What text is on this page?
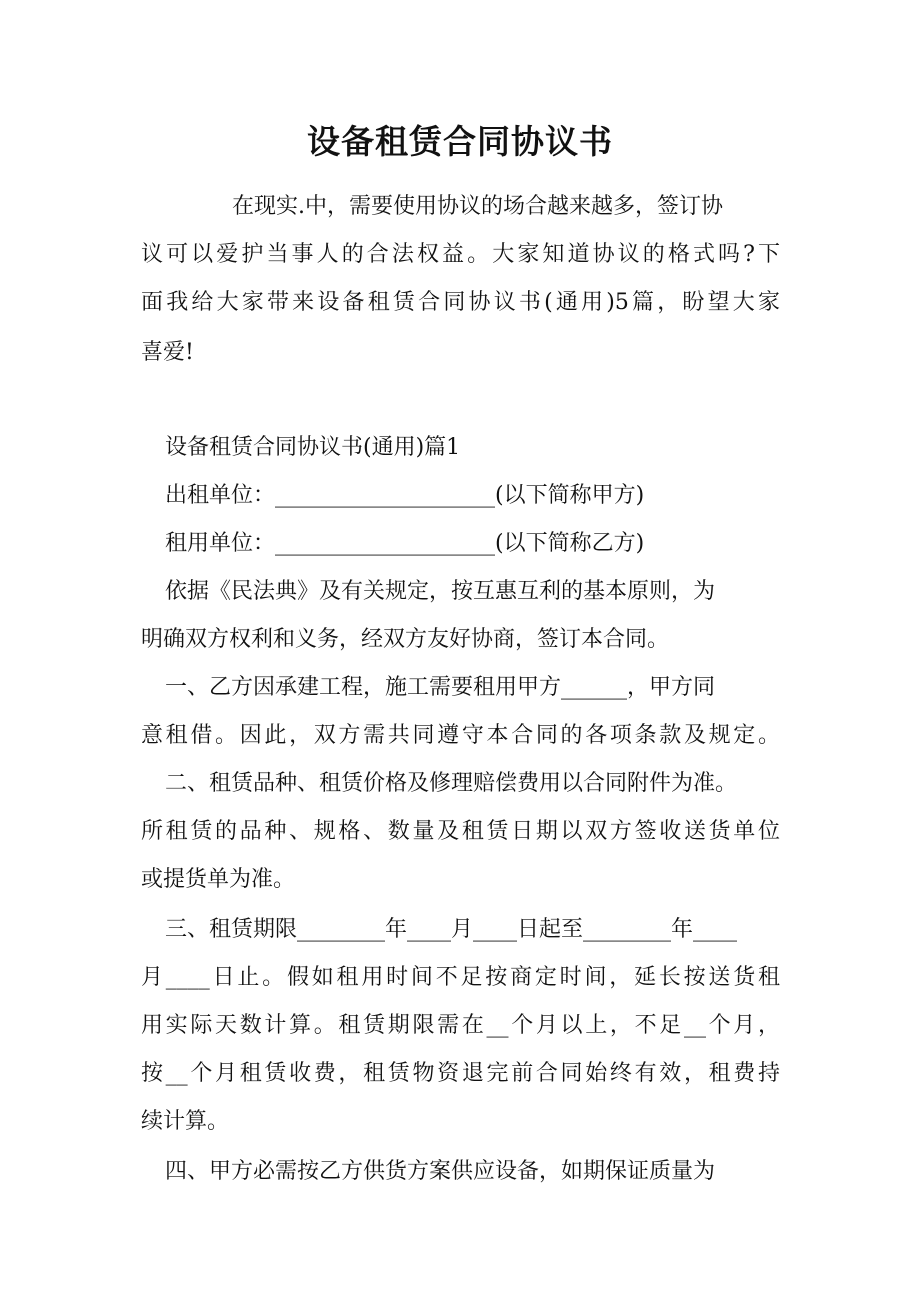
设备租赁合同协议书

在现实.中，需要使用协议的场合越来越多，签订协

议可以爱护当事人的合法权益。大家知道协议的格式吗?下

面我给大家带来设备租赁合同协议书(通用)5篇，盼望大家

喜爱!

设备租赁合同协议书(通用)篇1

出租单位：____________________(以下简称甲方)

租用单位：____________________(以下简称乙方)

依据《民法典》及有关规定，按互惠互利的基本原则，为

明确双方权利和义务，经双方友好协商，签订本合同。

一、乙方因承建工程，施工需要租用甲方______，甲方同

意租借。因此，双方需共同遵守本合同的各项条款及规定。

二、租赁品种、租赁价格及修理赔偿费用以合同附件为准。

所租赁的品种、规格、数量及租赁日期以双方签收送货单位

或提货单为准。

三、租赁期限________年____月____日起至________年____

月____日止。假如租用时间不足按商定时间，延长按送货租

用实际天数计算。租赁期限需在__个月以上，不足__个月，

按__个月租赁收费，租赁物资退完前合同始终有效，租费持

续计算。

四、甲方必需按乙方供货方案供应设备，如期保证质量为
